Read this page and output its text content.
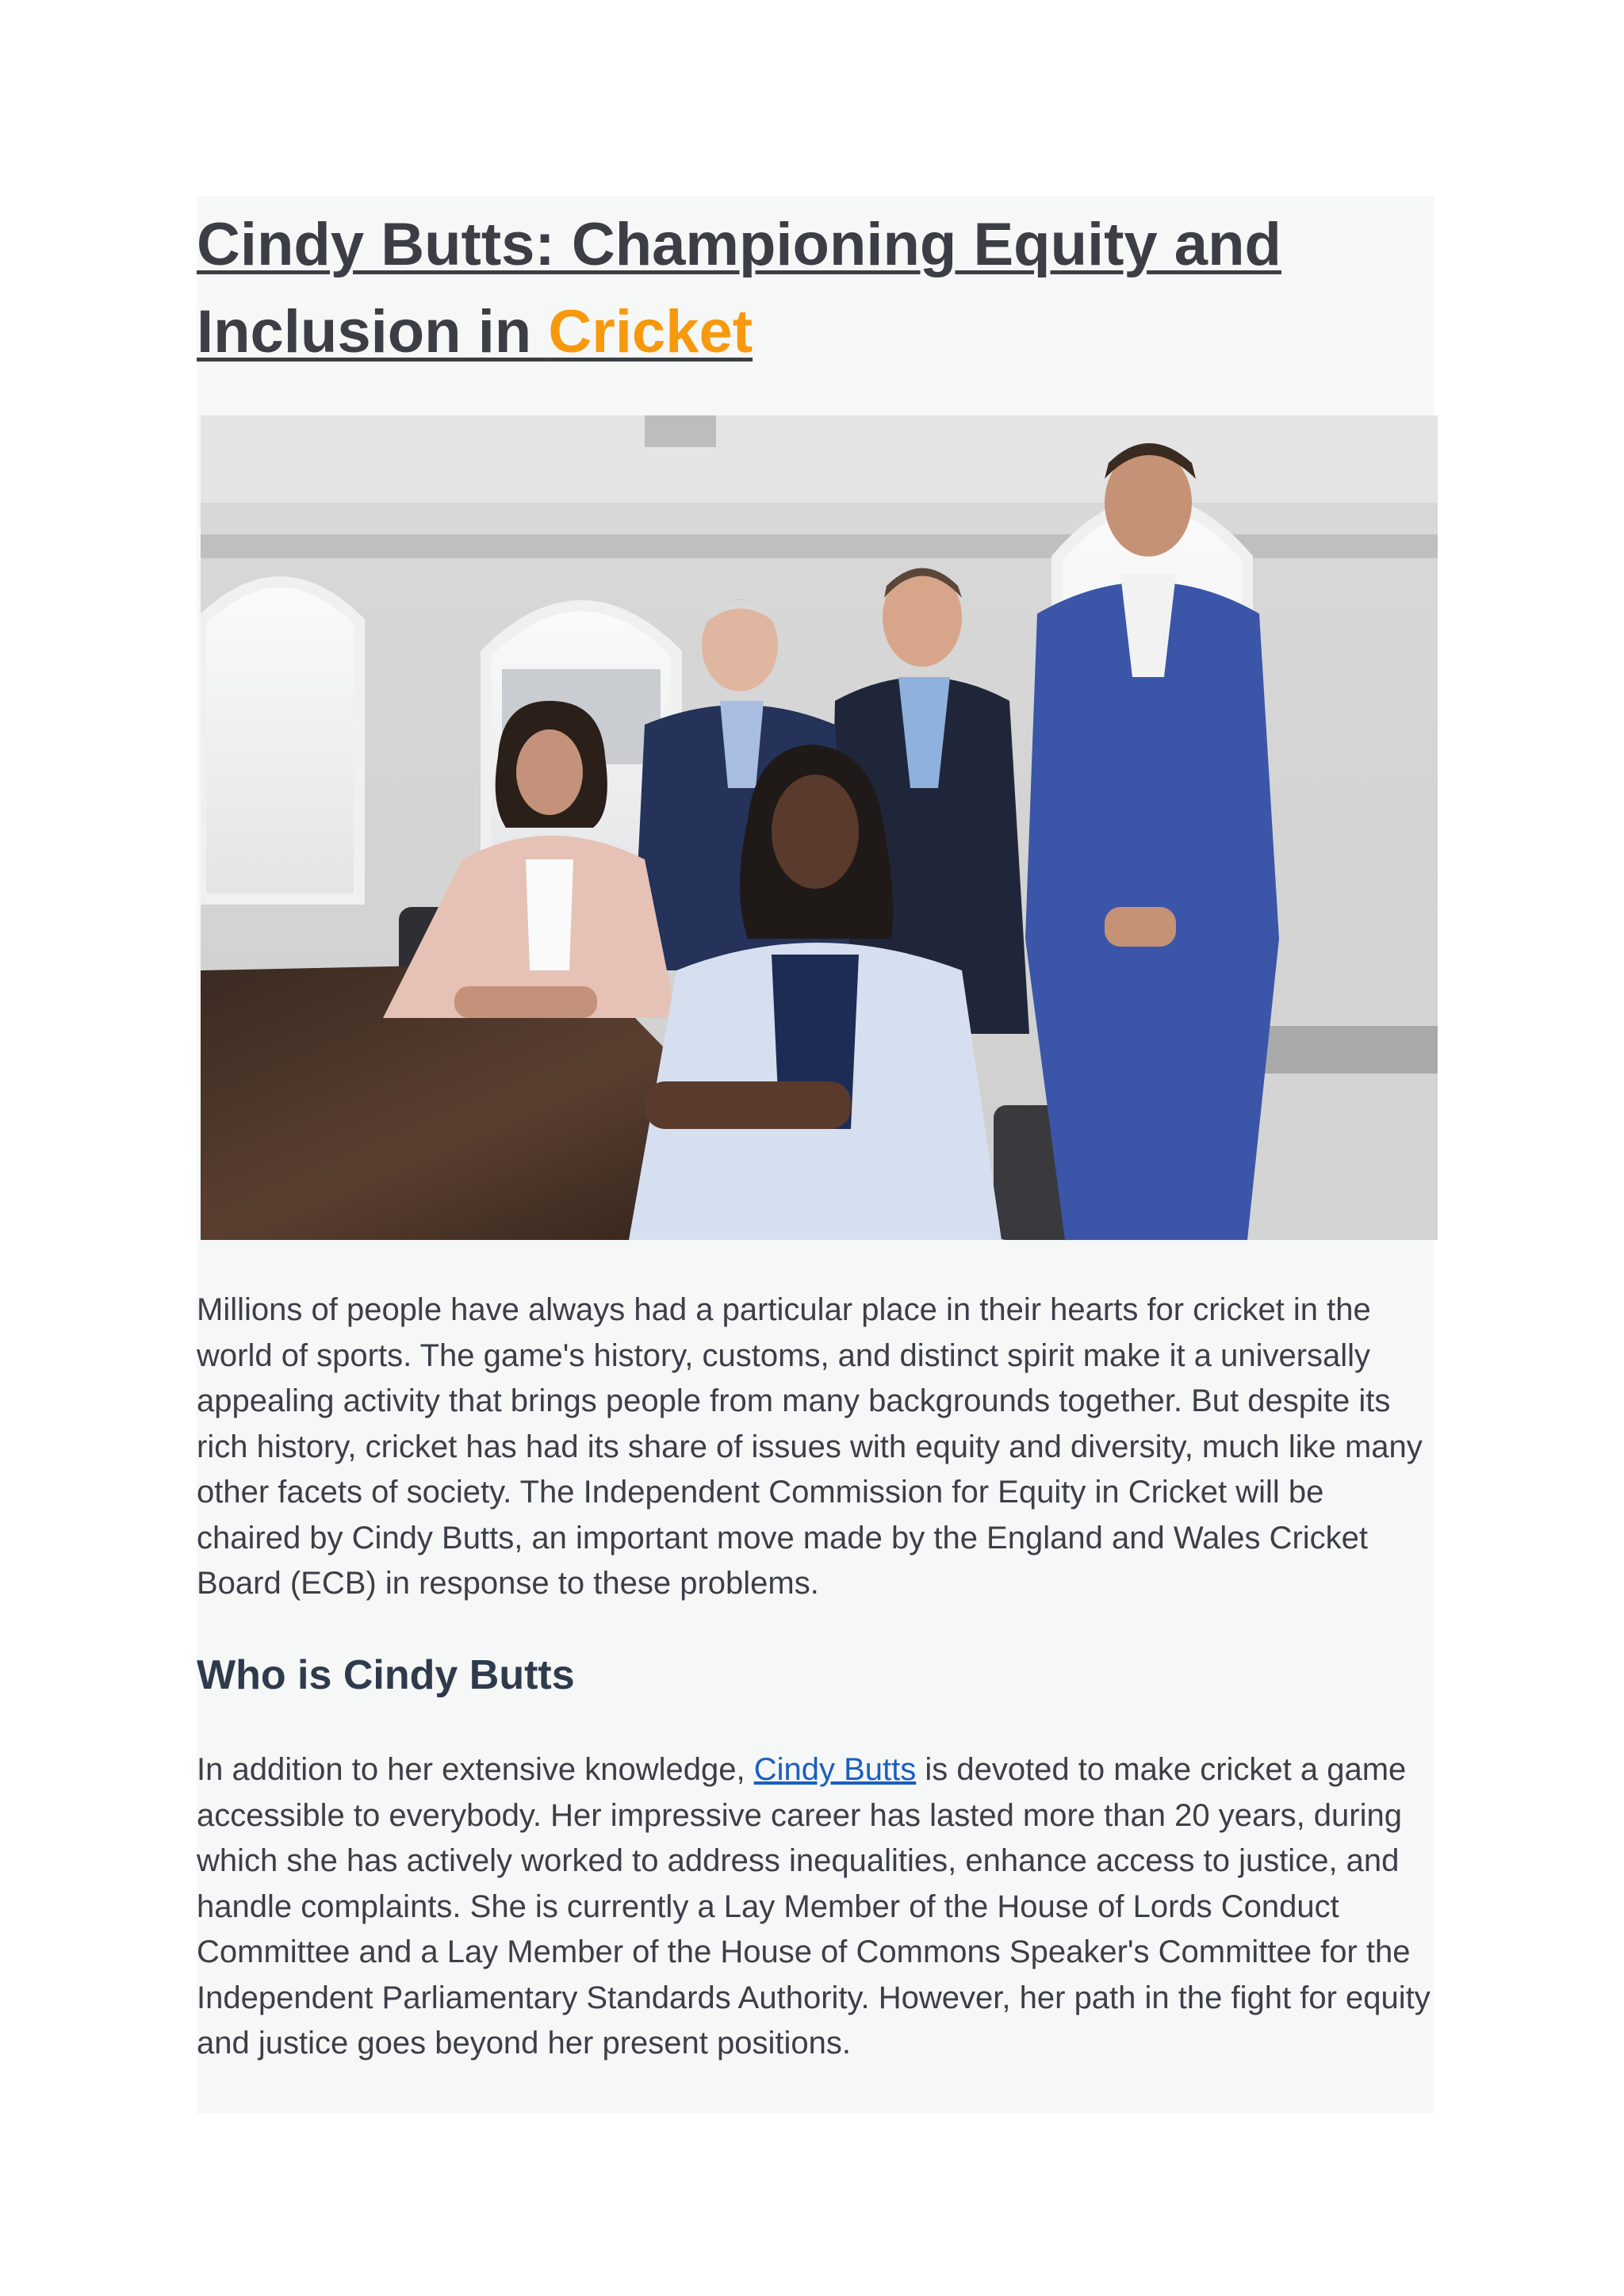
Cindy Butts: Championing Equity and Inclusion in Cricket

Millions of people have always had a particular place in their hearts for cricket in the world of sports. The game's history, customs, and distinct spirit make it a universally appealing activity that brings people from many backgrounds together. But despite its rich history, cricket has had its share of issues with equity and diversity, much like many other facets of society. The Independent Commission for Equity in Cricket will be chaired by Cindy Butts, an important move made by the England and Wales Cricket Board (ECB) in response to these problems.

Who is Cindy Butts

In addition to her extensive knowledge, Cindy Butts is devoted to make cricket a game accessible to everybody. Her impressive career has lasted more than 20 years, during which she has actively worked to address inequalities, enhance access to justice, and handle complaints. She is currently a Lay Member of the House of Lords Conduct Committee and a Lay Member of the House of Commons Speaker's Committee for the Independent Parliamentary Standards Authority. However, her path in the fight for equity and justice goes beyond her present positions.
